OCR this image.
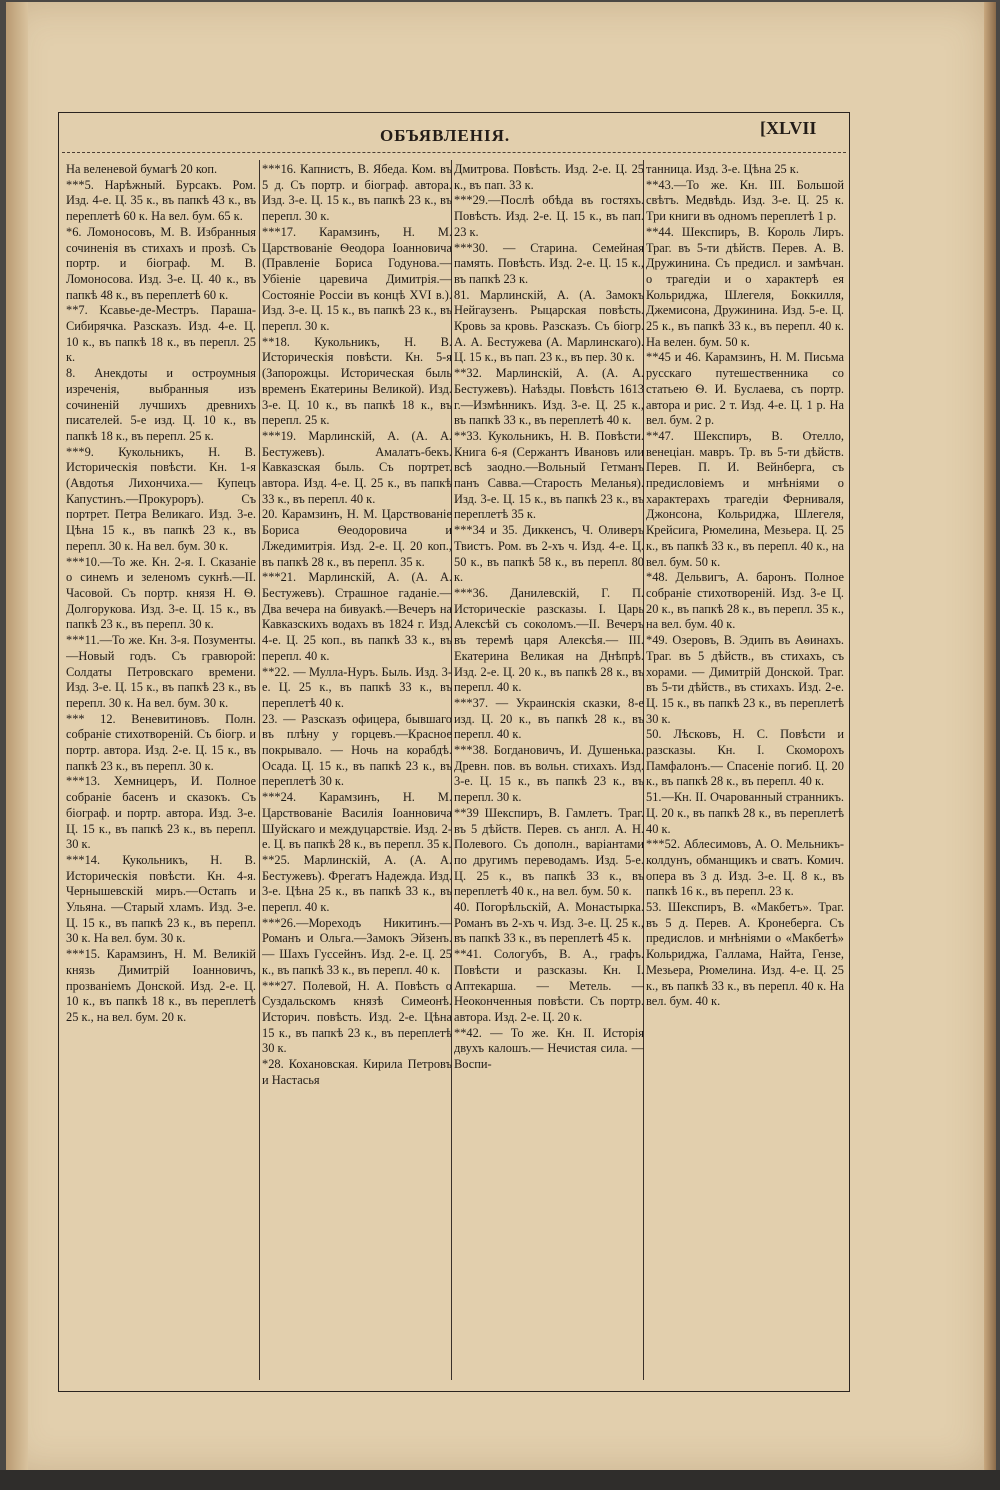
ОБЪЯВЛЕНІЯ.	[XLVII
На веленевой бумагѣ 20 коп.
***5. Нарѣжный. Бурсакъ. Ром. Изд. 4-е. Ц. 35 к., въ папкѣ 43 к., въ переплетѣ 60 к. На вел. бум. 65 к.
*6. Ломоносовъ, М. В. Избранныя сочиненія въ стихахъ и прозѣ. Съ портр. и біограф. М. В. Ломоносова. Изд. 3-е. Ц. 40 к., въ папкѣ 48 к., въ переплетѣ 60 к.
**7. Ксавье-де-Местръ. Параша-Сибирячка. Разсказъ. Изд. 4-е. Ц. 10 к., въ папкѣ 18 к., въ перепл. 25 к.
8. Анекдоты и остроумныя изреченія, выбранныя изъ сочиненій лучшихъ древнихъ писателей. 5-е изд. Ц. 10 к., въ папкѣ 18 к., въ перепл. 25 к.
***9. Кукольникъ, Н. В. Историческія повѣсти. Кн. 1-я (Авдотья Лихончиха.— Купецъ Капустинъ.—Прокуроръ). Съ портрет. Петра Великаго. Изд. 3-е. Цѣна 15 к., въ папкѣ 23 к., въ перепл. 30 к. На вел. бум. 30 к.
***10.—То же. Кн. 2-я. I. Сказаніе о синемъ и зеленомъ сукнѣ.—II. Часовой. Съ портр. князя Н. Ѳ. Долгорукова. Изд. 3-е. Ц. 15 к., въ папкѣ 23 к., въ перепл. 30 к.
***11.—То же. Кн. 3-я. Позументы.—Новый годъ. Съ гравюрой: Солдаты Петровскаго времени. Изд. 3-е. Ц. 15 к., въ папкѣ 23 к., въ перепл. 30 к. На вел. бум. 30 к.
*** 12. Веневитиновъ. Полн. собраніе стихотвореній. Съ біогр. и портр. автора. Изд. 2-е. Ц. 15 к., въ папкѣ 23 к., въ перепл. 30 к.
***13. Хемницеръ, И. Полное собраніе басенъ и сказокъ. Съ біограф. и портр. автора. Изд. 3-е. Ц. 15 к., въ папкѣ 23 к., въ перепл. 30 к.
***14. Кукольникъ, Н. В. Историческія повѣсти. Кн. 4-я. Чернышевскій миръ.—Остапъ и Ульяна. —Старый хламъ. Изд. 3-е. Ц. 15 к., въ папкѣ 23 к., въ перепл. 30 к. На вел. бум. 30 к.
***15. Карамзинъ, Н. М. Великій князь Димитрій Іоанновичъ, прозваніемъ Донской. Изд. 2-е. Ц. 10 к., въ папкѣ 18 к., въ переплетѣ 25 к., на вел. бум. 20 к.
***16. Капнистъ, В. Ябеда. Ком. въ 5 д. Съ портр. и біограф. автора. Изд. 3-е. Ц. 15 к., въ папкѣ 23 к., въ перепл. 30 к.
***17. Карамзинъ, Н. М. Царствованіе Ѳеодора Іоанновича (Правленіе Бориса Годунова.—Убіеніе царевича Димитрія.—Состояніе Россіи въ концѣ XVI в.). Изд. 3-е. Ц. 15 к., въ папкѣ 23 к., въ перепл. 30 к.
**18. Кукольникъ, Н. В. Историческія повѣсти. Кн. 5-я (Запорожцы. Историческая быль временъ Екатерины Великой). Изд. 3-е. Ц. 10 к., въ папкѣ 18 к., въ перепл. 25 к.
***19. Марлинскій, А. (А. А. Бестужевъ). Амалатъ-бекъ. Кавказская быль. Съ портрет. автора. Изд. 4-е. Ц. 25 к., въ папкѣ 33 к., въ перепл. 40 к.
20. Карамзинъ, Н. М. Царствованіе Бориса Ѳеодоровича и Лжедимитрія. Изд. 2-е. Ц. 20 коп., въ папкѣ 28 к., въ перепл. 35 к.
***21. Марлинскій, А. (А. А. Бестужевъ). Страшное гаданіе.—Два вечера на бивуакѣ.—Вечеръ на Кавказскихъ водахъ въ 1824 г. Изд. 4-е. Ц. 25 коп., въ папкѣ 33 к., въ перепл. 40 к.
**22. — Мулла-Нуръ. Быль. Изд. 3-е. Ц. 25 к., въ папкѣ 33 к., въ переплетѣ 40 к.
23. — Разсказъ офицера, бывшаго въ плѣну у горцевъ.—Красное покрывало. — Ночь на корабдѣ. Осада. Ц. 15 к., въ папкѣ 23 к., въ переплетѣ 30 к.
***24. Карамзинъ, Н. М. Царствованіе Василія Іоанновича Шуйскаго и междуцарствіе. Изд. 2-е. Ц. въ папкѣ 28 к., въ перепл. 35 к.
**25. Марлинскій, А. (А. А. Бестужевъ). Фрегатъ Надежда. Изд. 3-е. Цѣна 25 к., въ папкѣ 33 к., въ перепл. 40 к.
***26.—Мореходъ Никитинъ.—Романъ и Ольга.—Замокъ Эйзенъ. — Шахъ Гуссейнъ. Изд. 2-е. Ц. 25 к., въ папкѣ 33 к., въ перепл. 40 к.
***27. Полевой, Н. А. Повѣсть о Суздальскомъ князѣ Симеонѣ. Историч. повѣсть. Изд. 2-е. Цѣна 15 к., въ папкѣ 23 к., въ переплетѣ 30 к.
*28. Кохановская. Кирила Петровъ и Настасья
Дмитрова. Повѣсть. Изд. 2-е. Ц. 25 к., въ пап. 33 к.
***29.—Послѣ обѣда въ гостяхъ. Повѣсть. Изд. 2-е. Ц. 15 к., въ пап. 23 к.
***30. — Старина. Семейная память. Повѣсть. Изд. 2-е. Ц. 15 к., въ папкѣ 23 к.
81. Марлинскій, А. (А. Замокъ Нейгаузенъ. Рыцарская повѣсть. Кровь за кровь. Разсказъ. Съ біогр. А. А. Бестужева (А. Марлинскаго). Ц. 15 к., въ пап. 23 к., въ пер. 30 к.
**32. Марлинскій, А. (А. А. Бестужевъ). Наѣзды. Повѣсть 1613 г.—Измѣнникъ. Изд. 3-е. Ц. 25 к., въ папкѣ 33 к., въ переплетѣ 40 к.
**33. Кукольникъ, Н. В. Повѣсти. Книга 6-я (Сержантъ Ивановъ или всѣ заодно.—Вольный Гетманъ панъ Савва.—Старость Меланья). Изд. 3-е. Ц. 15 к., въ папкѣ 23 к., въ переплетѣ 35 к.
***34 и 35. Диккенсъ, Ч. Оливеръ Твистъ. Ром. въ 2-хъ ч. Изд. 4-е. Ц. 50 к., въ папкѣ 58 к., въ перепл. 80 к.
***36. Данилевскій, Г. П. Историческіе разсказы. I. Царь Алексѣй съ соколомъ.—II. Вечеръ въ теремѣ царя Алексѣя.— III. Екатерина Великая на Днѣпрѣ. Изд. 2-е. Ц. 20 к., въ папкѣ 28 к., въ перепл. 40 к.
***37. — Украинскія сказки, 8-е изд. Ц. 20 к., въ папкѣ 28 к., въ перепл. 40 к.
***38. Богдановичъ, И. Душенька. Древн. пов. въ вольн. стихахъ. Изд. 3-е. Ц. 15 к., въ папкѣ 23 к., въ перепл. 30 к.
**39 Шекспиръ, В. Гамлетъ. Траг. въ 5 дѣйств. Перев. съ англ. А. Н. Полевого. Съ дополн., варіантами по другимъ переводамъ. Изд. 5-е. Ц. 25 к., въ папкѣ 33 к., въ переплетѣ 40 к., на вел. бум. 50 к.
40. Погорѣльскій, А. Монастырка. Романъ въ 2-хъ ч. Изд. 3-е. Ц. 25 к., въ папкѣ 33 к., въ переплетѣ 45 к.
**41. Сологубъ, В. А., графъ. Повѣсти и разсказы. Кн. I. Аптекарша. — Метель. — Неоконченныя повѣсти. Съ портр. автора. Изд. 2-е. Ц. 20 к.
**42. — То же. Кн. II. Исторія двухъ калошъ.— Нечистая сила. — Воспи-
танница. Изд. 3-е. Цѣна 25 к.
**43.—То же. Кн. III. Большой свѣтъ. Медвѣдь. Изд. 3-е. Ц. 25 к. Три книги въ одномъ переплетѣ 1 р.
**44. Шекспиръ, В. Король Лиръ. Траг. въ 5-ти дѣйств. Перев. А. В. Дружинина. Съ предисл. и замѣчан. о трагедіи и о характерѣ ея Кольриджа, Шлегеля, Боккилля, Джемисона, Дружинина. Изд. 5-е. Ц. 25 к., въ папкѣ 33 к., въ перепл. 40 к. На велен. бум. 50 к.
**45 и 46. Карамзинъ, Н. М. Письма русскаго путешественника со статьею Ѳ. И. Буслаева, съ портр. автора и рис. 2 т. Изд. 4-е. Ц. 1 р. На вел. бум. 2 р.
**47. Шекспиръ, В. Отелло, венеціан. мавръ. Тр. въ 5-ти дѣйств. Перев. П. И. Вейнберга, съ предисловіемъ и мнѣніями о характерахъ трагедіи Ферниваля, Джонсона, Кольриджа, Шлегеля, Крейсига, Рюмелина, Мезьера. Ц. 25 к., въ папкѣ 33 к., въ перепл. 40 к., на вел. бум. 50 к.
*48. Дельвигъ, А. баронъ. Полное собраніе стихотвореній. Изд. 3-е Ц. 20 к., въ папкѣ 28 к., въ перепл. 35 к., на вел. бум. 40 к.
*49. Озеровъ, В. Эдипъ въ Аѳинахъ. Траг. въ 5 дѣйств., въ стихахъ, съ хорами. — Димитрій Донской. Траг. въ 5-ти дѣйств., въ стихахъ. Изд. 2-е. Ц. 15 к., въ папкѣ 23 к., въ переплетѣ 30 к.
50. Лѣсковъ, Н. С. Повѣсти и разсказы. Кн. I. Скоморохъ Памфалонъ.— Спасеніе погиб. Ц. 20 к., въ папкѣ 28 к., въ перепл. 40 к.
51.—Кн. II. Очарованный странникъ. Ц. 20 к., въ папкѣ 28 к., въ переплетѣ 40 к.
***52. Аблесимовъ, А. О. Мельникъ-колдунъ, обманщикъ и сватъ. Комич. опера въ 3 д. Изд. 3-е. Ц. 8 к., въ папкѣ 16 к., въ перепл. 23 к.
53. Шекспиръ, В. «Макбетъ». Траг. въ 5 д. Перев. А. Кронеберга. Съ предислов. и мнѣніями о «Макбетѣ» Кольриджа, Галлама, Найта, Гензе, Мезьера, Рюмелина. Изд. 4-е. Ц. 25 к., въ папкѣ 33 к., въ перепл. 40 к. На вел. бум. 40 к.
